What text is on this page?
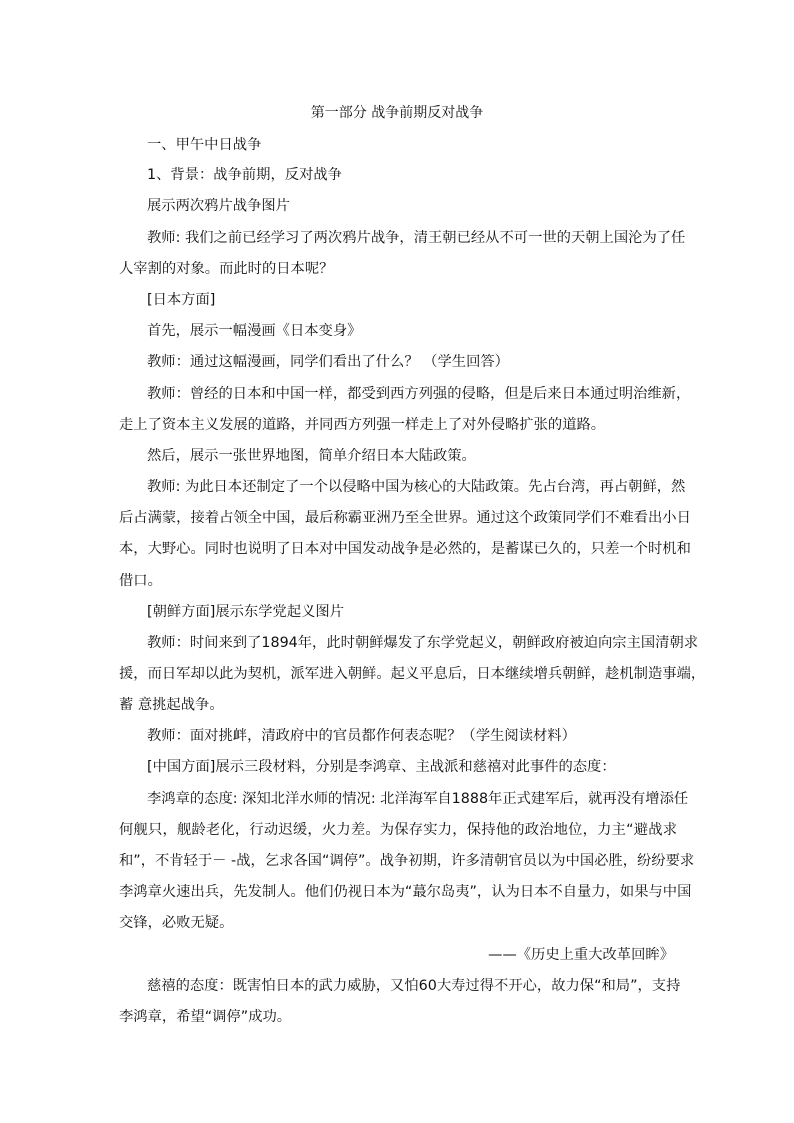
第一部分 战争前期反对战争
一、甲午中日战争
1、背景：战争前期，反对战争
展示两次鸦片战争图片
教师: 我们之前已经学习了两次鸦片战争，清王朝已经从不可一世的天朝上国沦为了任
人宰割的对象。而此时的日本呢？
[日本方面]
首先，展示一幅漫画《日本变身》
教师：通过这幅漫画，同学们看出了什么？ （学生回答）
教师：曾经的日本和中国一样，都受到西方列强的侵略，但是后来日本通过明治维新，
走上了资本主义发展的道路，并同西方列强一样走上了对外侵略扩张的道路。
然后，展示一张世界地图，简单介绍日本大陆政策。
教师: 为此日本还制定了一个以侵略中国为核心的大陆政策。先占台湾，再占朝鲜，然
后占满蒙，接着占领全中国，最后称霸亚洲乃至全世界。通过这个政策同学们不难看出小日
本，大野心。同时也说明了日本对中国发动战争是必然的，是蓄谋已久的，只差一个时机和
借口。
[朝鲜方面]展示东学党起义图片
教师：时间来到了1894年，此时朝鲜爆发了东学党起义，朝鲜政府被迫向宗主国清朝求
援，而日军却以此为契机，派军进入朝鲜。起义平息后，日本继续增兵朝鲜，趁机制造事端，
蓄 意挑起战争。
教师：面对挑衅，清政府中的官员都作何表态呢？（学生阅读材料）
[中国方面]展示三段材料，分别是李鸿章、主战派和慈禧对此事件的态度：
李鸿章的态度: 深知北洋水师的情况: 北洋海军自1888年正式建军后，就再没有增添任
何舰只，舰龄老化，行动迟缓，火力差。为保存实力，保持他的政治地位，力主“避战求
和”，不肯轻于－ -战，乞求各国“调停”。战争初期，许多清朝官员以为中国必胜，纷纷要求
李鸿章火速出兵，先发制人。他们仍视日本为“蕞尔岛夷”，认为日本不自量力，如果与中国
交锋，必败无疑。
——《历史上重大改革回眸》
慈禧的态度：既害怕日本的武力威胁，又怕60大寿过得不开心，故力保“和局”，支持
李鸿章，希望“调停”成功。
